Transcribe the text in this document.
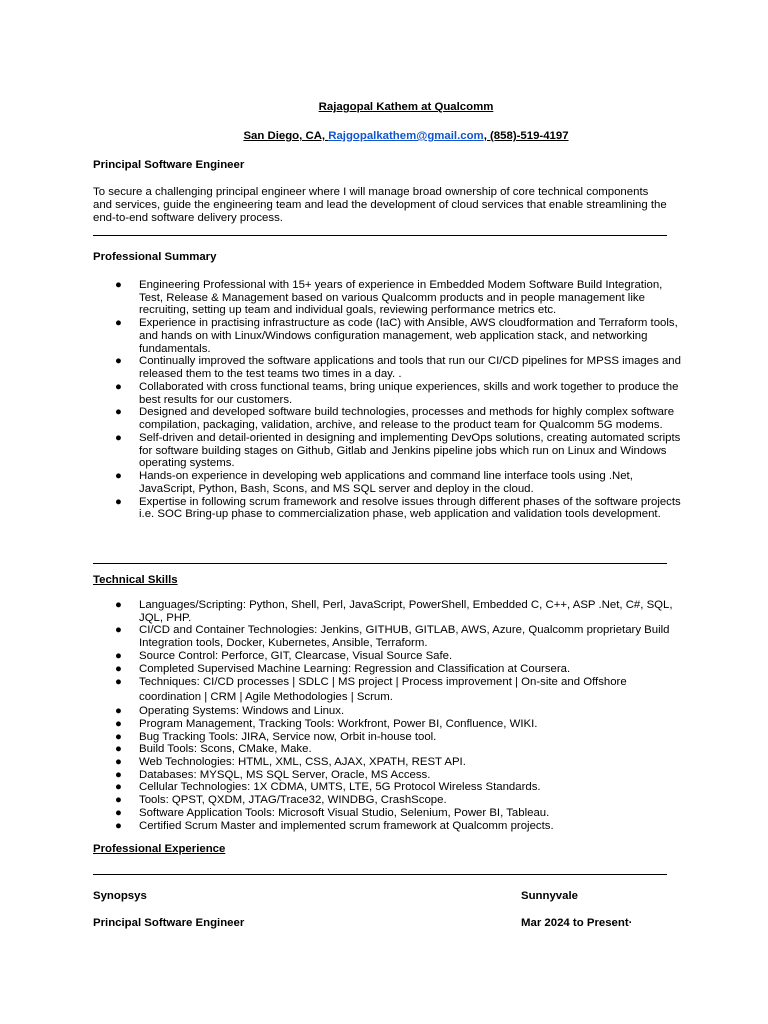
Rajagopal Kathem at Qualcomm
San Diego, CA, Rajgopalkathem@gmail.com, (858)-519-4197
Principal Software Engineer
To secure a challenging principal engineer where I will manage broad ownership of core technical components and services, guide the engineering team and lead the development of cloud services that enable streamlining the end-to-end software delivery process.
Professional Summary
● Engineering Professional with 15+ years of experience in Embedded Modem Software Build Integration, Test, Release & Management based on various Qualcomm products and in people management like recruiting, setting up team and individual goals, reviewing performance metrics etc.
● Experience in practising infrastructure as code (IaC) with Ansible, AWS cloudformation and Terraform tools, and hands on with Linux/Windows configuration management, web application stack, and networking fundamentals.
● Continually improved the software applications and tools that run our CI/CD pipelines for MPSS images and released them to the test teams two times in a day. .
● Collaborated with cross functional teams, bring unique experiences, skills and work together to produce the best results for our customers.
● Designed and developed software build technologies, processes and methods for highly complex software compilation, packaging, validation, archive, and release to the product team for Qualcomm 5G modems.
● Self-driven and detail-oriented in designing and implementing DevOps solutions, creating automated scripts for software building stages on Github, Gitlab and Jenkins pipeline jobs which run on Linux and Windows operating systems.
● Hands-on experience in developing web applications and command line interface tools using .Net, JavaScript, Python, Bash, Scons, and MS SQL server and deploy in the cloud.
● Expertise in following scrum framework and resolve issues through different phases of the software projects i.e. SOC Bring-up phase to commercialization phase, web application and validation tools development.
Technical Skills
● Languages/Scripting: Python, Shell, Perl, JavaScript, PowerShell, Embedded C, C++, ASP .Net, C#, SQL, JQL, PHP.
● CI/CD and Container Technologies: Jenkins, GITHUB, GITLAB, AWS, Azure, Qualcomm proprietary Build Integration tools, Docker, Kubernetes, Ansible, Terraform.
● Source Control: Perforce, GIT, Clearcase, Visual Source Safe.
● Completed Supervised Machine Learning: Regression and Classification at Coursera.
● Techniques: CI/CD processes | SDLC | MS project | Process improvement | On-site and Offshore coordination | CRM | Agile Methodologies | Scrum.
● Operating Systems: Windows and Linux.
● Program Management, Tracking Tools: Workfront, Power BI, Confluence, WIKI.
● Bug Tracking Tools: JIRA, Service now, Orbit in-house tool.
● Build Tools: Scons, CMake, Make.
● Web Technologies: HTML, XML, CSS, AJAX, XPATH, REST API.
● Databases: MYSQL, MS SQL Server, Oracle, MS Access.
● Cellular Technologies: 1X CDMA, UMTS, LTE, 5G Protocol Wireless Standards.
● Tools: QPST, QXDM, JTAG/Trace32, WINDBG, CrashScope.
● Software Application Tools: Microsoft Visual Studio, Selenium, Power BI, Tableau.
● Certified Scrum Master and implemented scrum framework at Qualcomm projects.
Professional Experience
Synopsys	Sunnyvale
Principal Software Engineer	Mar 2024 to Present·
